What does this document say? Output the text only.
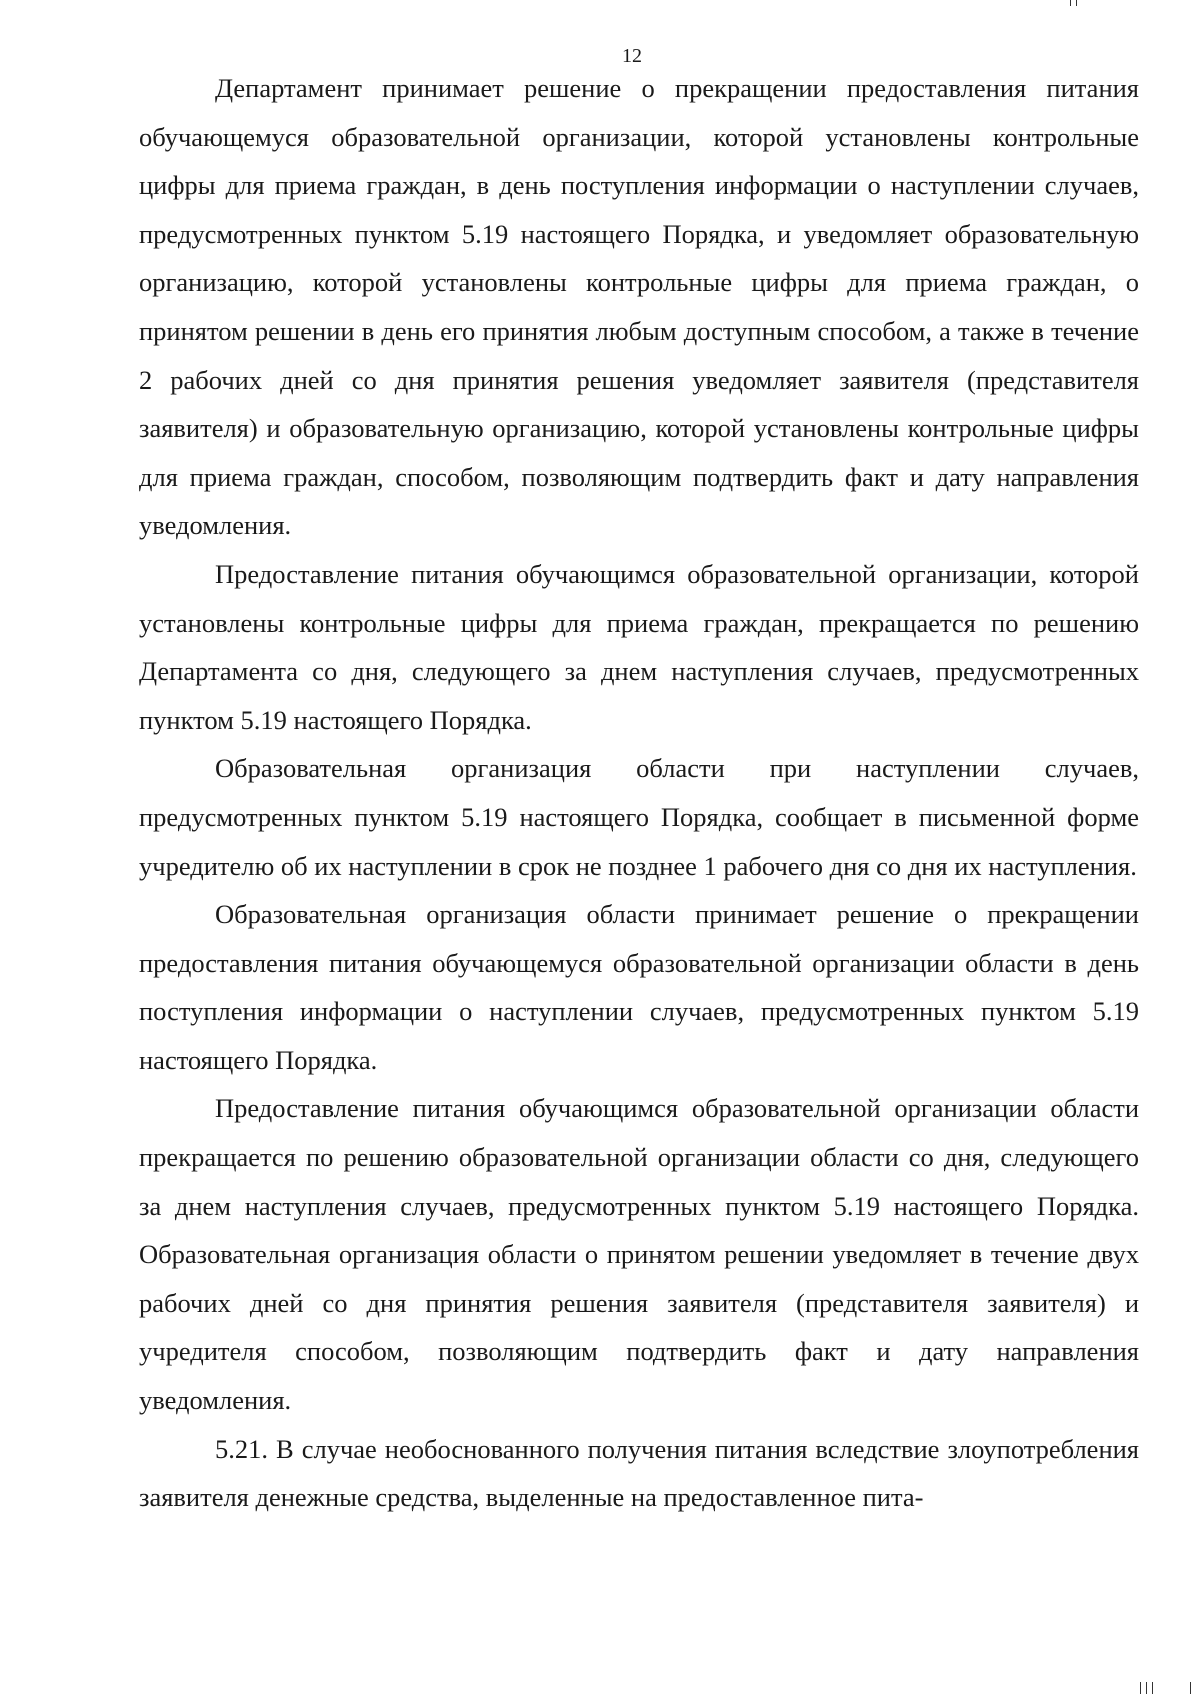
12

Департамент принимает решение о прекращении предоставления питания обучающемуся образовательной организации, которой установлены контрольные цифры для приема граждан, в день поступления информации о наступлении случаев, предусмотренных пунктом 5.19 настоящего Порядка, и уведомляет образовательную организацию, которой установлены контрольные цифры для приема граждан, о принятом решении в день его принятия любым доступным способом, а также в течение 2 рабочих дней со дня принятия решения уведомляет заявителя (представителя заявителя) и образовательную организацию, которой установлены контрольные цифры для приема граждан, способом, позволяющим подтвердить факт и дату направления уведомления.

Предоставление питания обучающимся образовательной организации, которой установлены контрольные цифры для приема граждан, прекращается по решению Департамента со дня, следующего за днем наступления случаев, предусмотренных пунктом 5.19 настоящего Порядка.

Образовательная организация области при наступлении случаев, предусмотренных пунктом 5.19 настоящего Порядка, сообщает в письменной форме учредителю об их наступлении в срок не позднее 1 рабочего дня со дня их наступления.

Образовательная организация области принимает решение о прекращении предоставления питания обучающемуся образовательной организации области в день поступления информации о наступлении случаев, предусмотренных пунктом 5.19 настоящего Порядка.

Предоставление питания обучающимся образовательной организации области прекращается по решению образовательной организации области со дня, следующего за днем наступления случаев, предусмотренных пунктом 5.19 настоящего Порядка. Образовательная организация области о принятом решении уведомляет в течение двух рабочих дней со дня принятия решения заявителя (представителя заявителя) и учредителя способом, позволяющим подтвердить факт и дату направления уведомления.

5.21. В случае необоснованного получения питания вследствие злоупотребления заявителя денежные средства, выделенные на предоставленное пита-
